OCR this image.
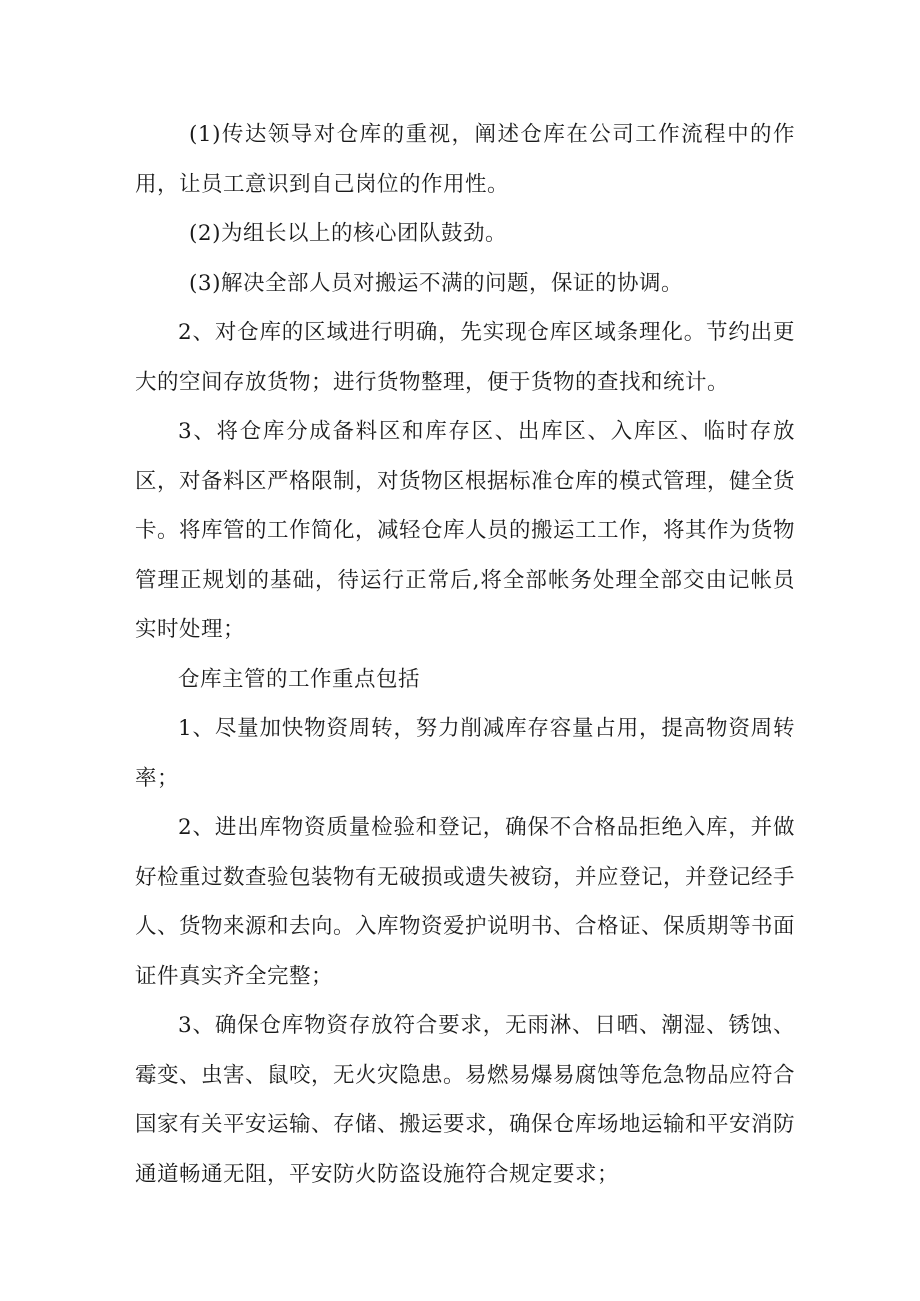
(1)传达领导对仓库的重视，阐述仓库在公司工作流程中的作用，让员工意识到自己岗位的作用性。

(2)为组长以上的核心团队鼓劲。

(3)解决全部人员对搬运不满的问题，保证的协调。

2、对仓库的区域进行明确，先实现仓库区域条理化。节约出更大的空间存放货物；进行货物整理，便于货物的查找和统计。

3、将仓库分成备料区和库存区、出库区、入库区、临时存放区，对备料区严格限制，对货物区根据标准仓库的模式管理，健全货卡。将库管的工作简化，减轻仓库人员的搬运工工作，将其作为货物管理正规划的基础，待运行正常后,将全部帐务处理全部交由记帐员实时处理；

仓库主管的工作重点包括

1、尽量加快物资周转，努力削减库存容量占用，提高物资周转率；

2、进出库物资质量检验和登记，确保不合格品拒绝入库，并做好检重过数查验包装物有无破损或遗失被窃，并应登记，并登记经手人、货物来源和去向。入库物资爱护说明书、合格证、保质期等书面证件真实齐全完整；

3、确保仓库物资存放符合要求，无雨淋、日晒、潮湿、锈蚀、霉变、虫害、鼠咬，无火灾隐患。易燃易爆易腐蚀等危急物品应符合国家有关平安运输、存储、搬运要求，确保仓库场地运输和平安消防通道畅通无阻，平安防火防盗设施符合规定要求；
